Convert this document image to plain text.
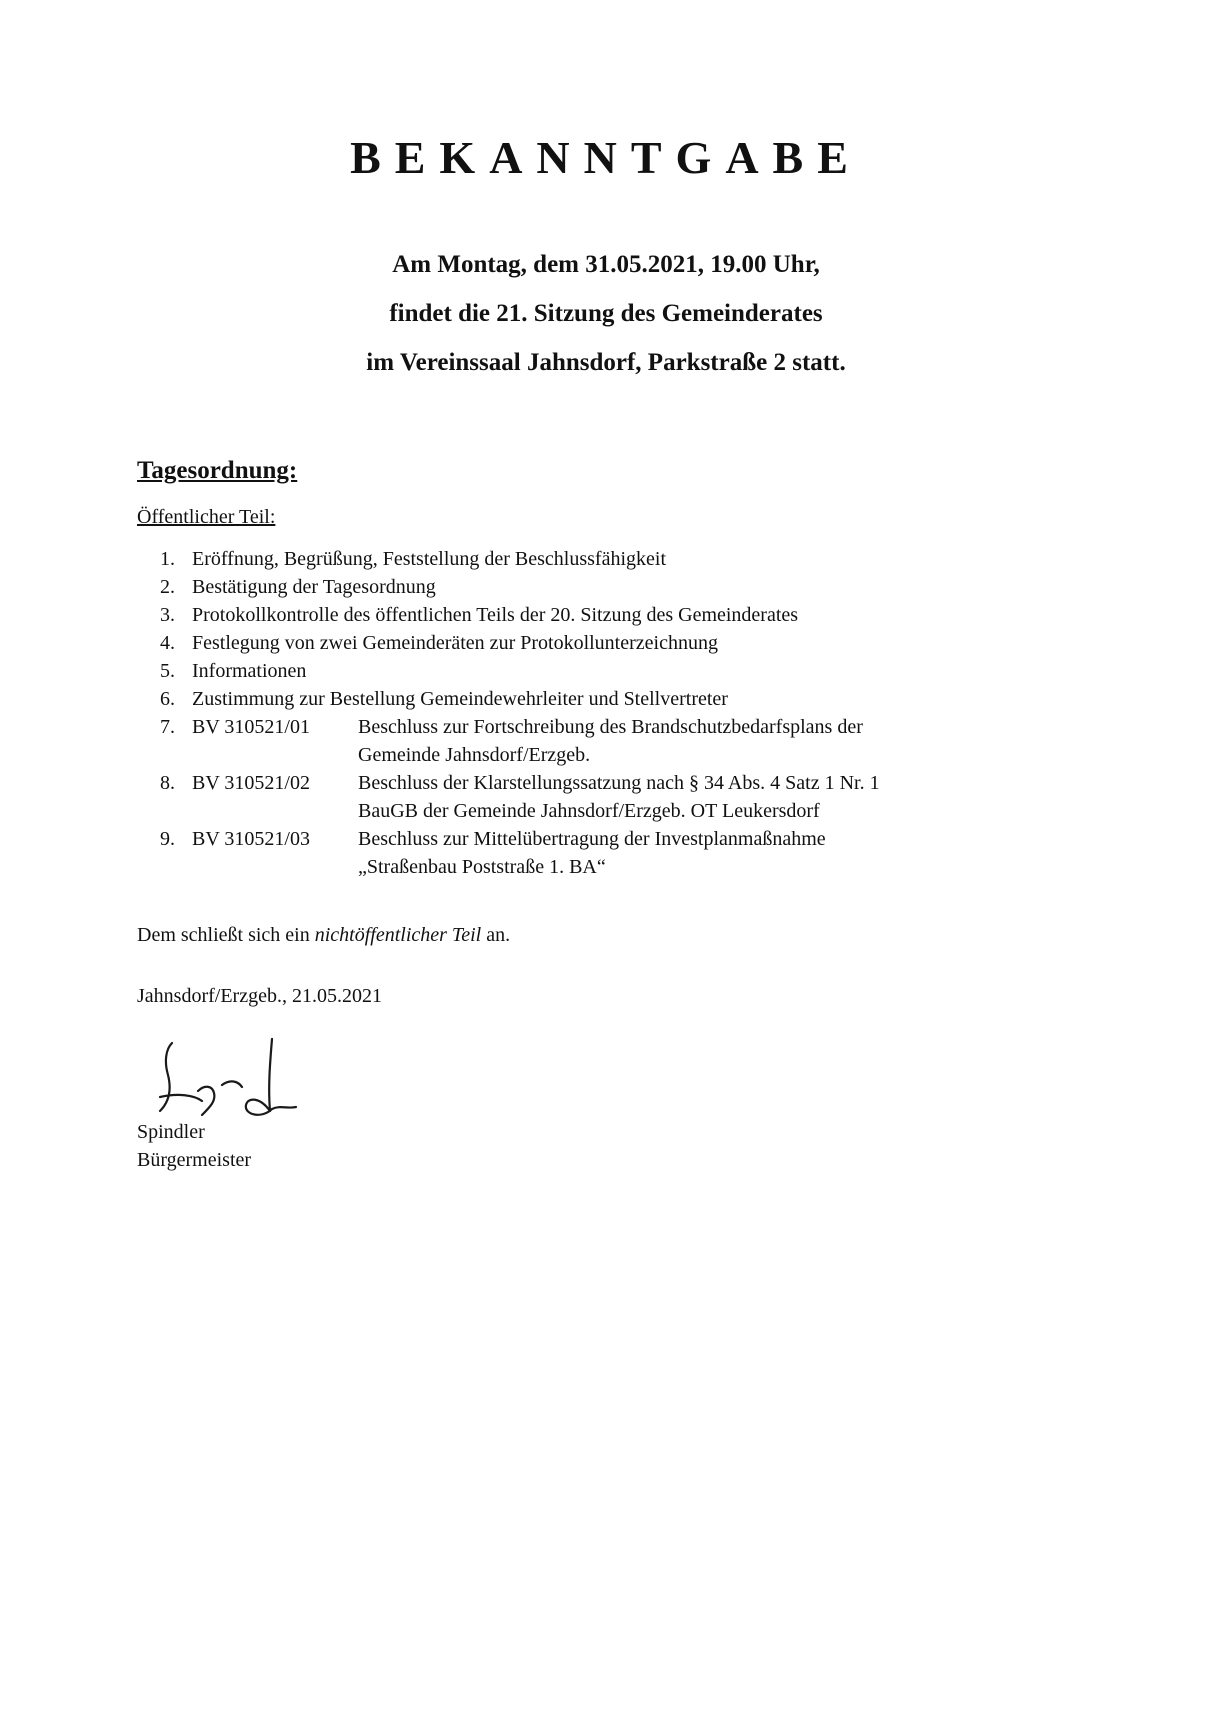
BEKANNTGABE
Am Montag, dem 31.05.2021, 19.00 Uhr,
findet die 21. Sitzung des Gemeinderates
im Vereinssaal Jahnsdorf, Parkstraße 2 statt.
Tagesordnung:
Öffentlicher Teil:
1. Eröffnung, Begrüßung, Feststellung der Beschlussfähigkeit
2. Bestätigung der Tagesordnung
3. Protokollkontrolle des öffentlichen Teils der 20. Sitzung des Gemeinderates
4. Festlegung von zwei Gemeinderäten zur Protokollunterzeichnung
5. Informationen
6. Zustimmung zur Bestellung Gemeindewehrleiter und Stellvertreter
7. BV 310521/01 Beschluss zur Fortschreibung des Brandschutzbedarfsplans der
Gemeinde Jahnsdorf/Erzgeb.
8. BV 310521/02 Beschluss der Klarstellungssatzung nach § 34 Abs. 4 Satz 1 Nr. 1
BauGB der Gemeinde Jahnsdorf/Erzgeb. OT Leukersdorf
9. BV 310521/03 Beschluss zur Mittelübertragung der Investplanmaßnahme
„Straßenbau Poststraße 1. BA“
Dem schließt sich ein nichtöffentlicher Teil an.
Jahnsdorf/Erzgeb., 21.05.2021
Spindler
Bürgermeister
